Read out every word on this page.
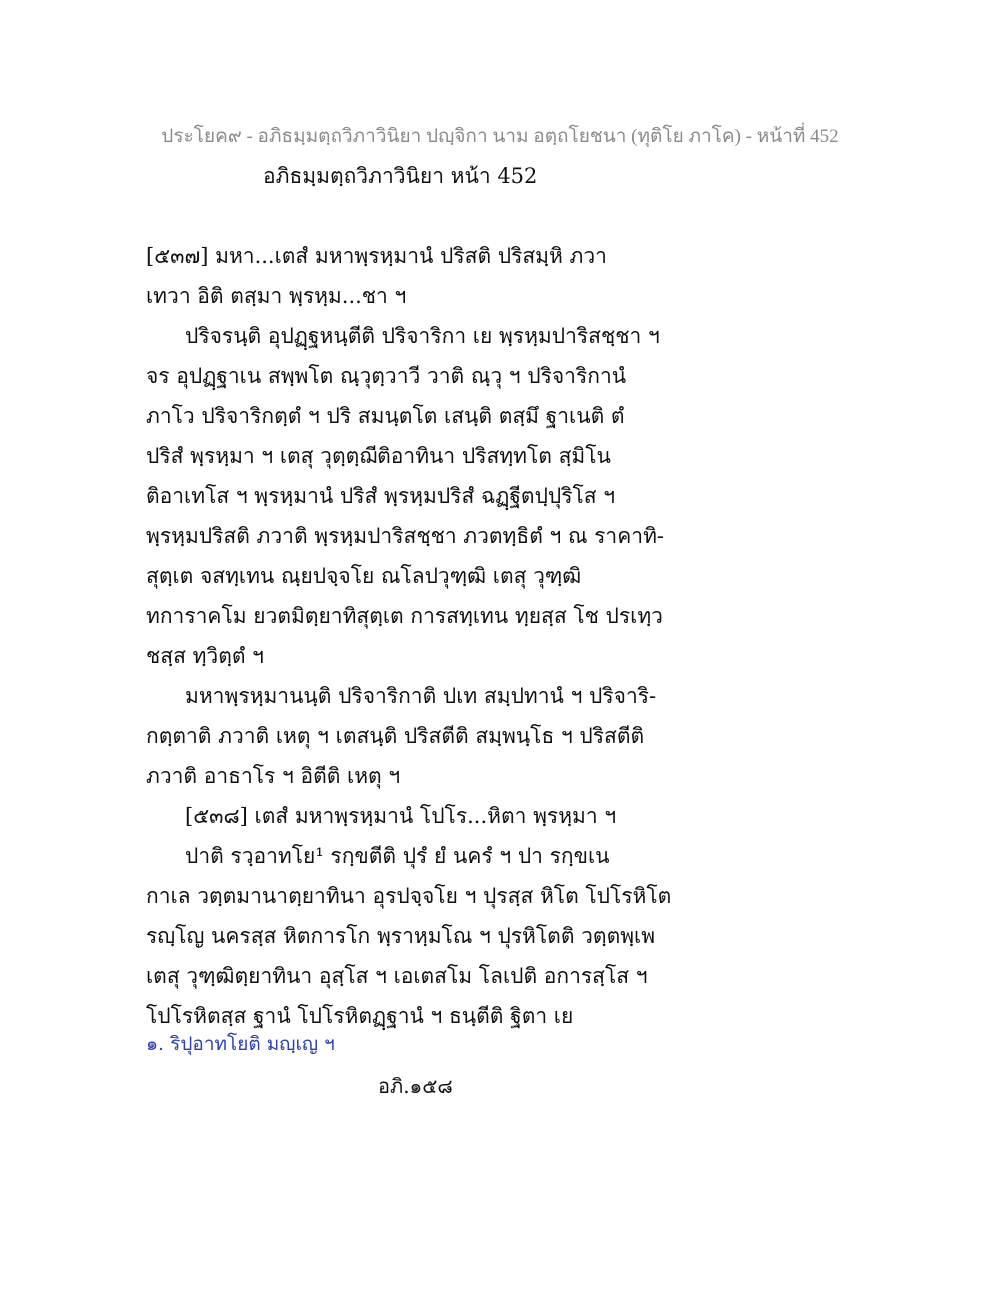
ประโยค๙ - อภิธมฺมตฺถวิภาวินิยา ปญฺจิกา นาม อตฺถโยชนา (ทุติโย ภาโค) - หน้าที่ 452
อภิธมฺมตฺถวิภาวินิยา หน้า 452
[๕๓๗] มหา...เตสํ มหาพฺรหฺมานํ ปริสติ ปริสมฺหิ ภวา
เทวา อิติ ตสฺมา พฺรหฺม...ชา ฯ
ปริจรนฺติ อุปฏฺฐหนฺตีติ ปริจาริกา เย พฺรหฺมปาริสชฺชา ฯ
จร อุปฏฺฐาเน สพฺพโต ณฺวุตฺวาวี วาติ ณฺวุ ฯ ปริจาริกานํ
ภาโว ปริจาริกตฺตํ ฯ ปริ สมนฺตโต เสนฺติ ตสฺมึ ฐาเนติ ตํ
ปริสํ พฺรหฺมา ฯ เตสุ วุตฺตฺฌีติอาทินา ปริสทฺทโต สฺมิโน
ติอาเทโส ฯ พฺรหฺมานํ ปริสํ พฺรหฺมปริสํ ฉฏฺฐีตปฺปุริโส ฯ
พฺรหฺมปริสติ ภวาติ พฺรหฺมปาริสชฺชา ภวตทฺธิตํ ฯ ณ ราคาทิ-
สุตฺเต จสทฺเทน ณฺยปจฺจโย ณโลปวุฑฺฒิ เตสุ วุฑฺฒิ
ทการาคโม ยวตมิตฺยาทิสุตฺเต การสทฺเทน ทฺยสฺส โช ปรเทฺว
ชสฺส ทฺวิตฺตํ ฯ
มหาพฺรหฺมานนฺติ ปริจาริกาติ ปเท สมฺปทานํ ฯ ปริจาริ-
กตฺตาติ ภวาติ เหตุ ฯ เตสนฺติ ปริสตีติ สมฺพนฺโธ ฯ ปริสตีติ
ภวาติ อาธาโร ฯ อิตีติ เหตุ ฯ
[๕๓๘] เตสํ มหาพฺรหฺมานํ โปโร...หิตา พฺรหฺมา ฯ
ปาติ รวฺอาทโย¹ รกฺขตีติ ปุรํ ยํ นครํ ฯ ปา รกฺขเน
กาเล วตฺตมานาตฺยาทินา อุรปจฺจโย ฯ ปุรสฺส หิโต โปโรหิโต
รญฺโญ นครสฺส หิตการโก พฺราหฺมโณ ฯ ปุรหิโตติ วตฺตพฺเพ
เตสุ วุฑฺฒิตฺยาทินา อุสฺโส ฯ เอเตสโม โลเปติ อการสฺโส ฯ
โปโรหิตสฺส ฐานํ โปโรหิตฏฺฐานํ ฯ ธนฺตีติ ฐิตา เย
๑. ริปุอาทโยติ มญฺเญ ฯ
อภิ.๑๕๘
